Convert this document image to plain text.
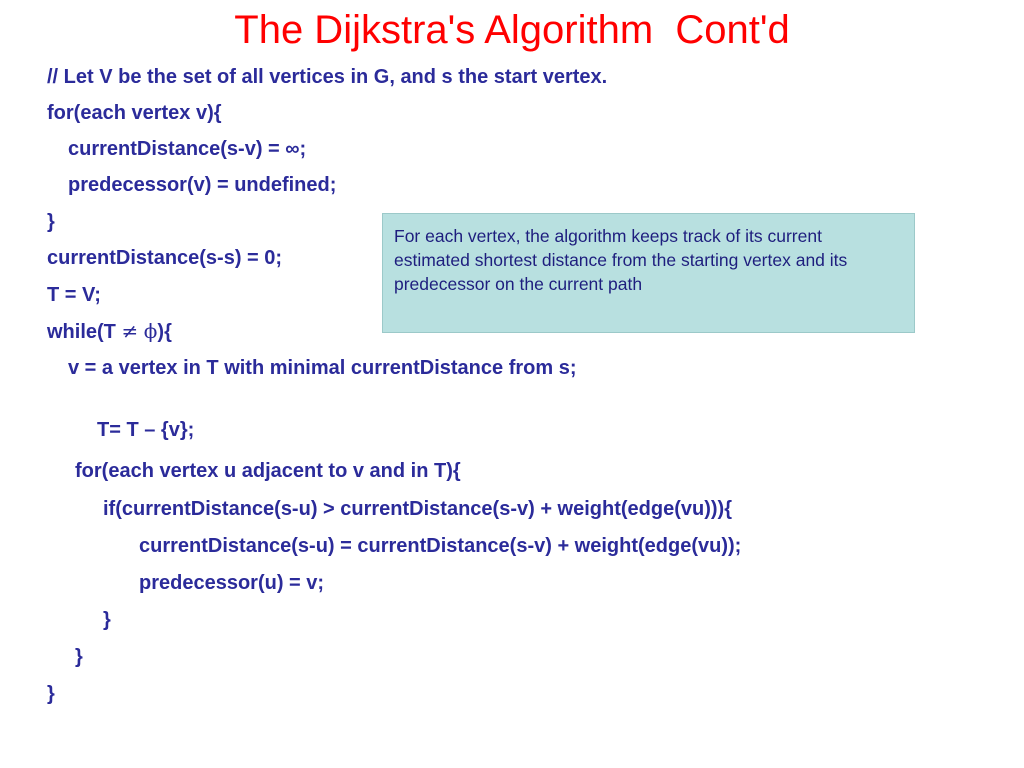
The Dijkstra's Algorithm  Cont'd
// Let V be the set of all vertices in G, and s the start vertex.
for(each vertex v){
currentDistance(s-v) = ∞;
predecessor(v) = undefined;
}
currentDistance(s-s) = 0;
T = V;
while(T ≠ ϕ){
v = a vertex in T with minimal currentDistance from s;
T= T – {v};
for(each vertex u adjacent to v and in T){
if(currentDistance(s-u) > currentDistance(s-v) + weight(edge(vu))){
currentDistance(s-u) = currentDistance(s-v) + weight(edge(vu));
predecessor(u) = v;
}
}
}
For each vertex, the algorithm keeps track of its current estimated shortest distance from the starting vertex and its predecessor on the current path
